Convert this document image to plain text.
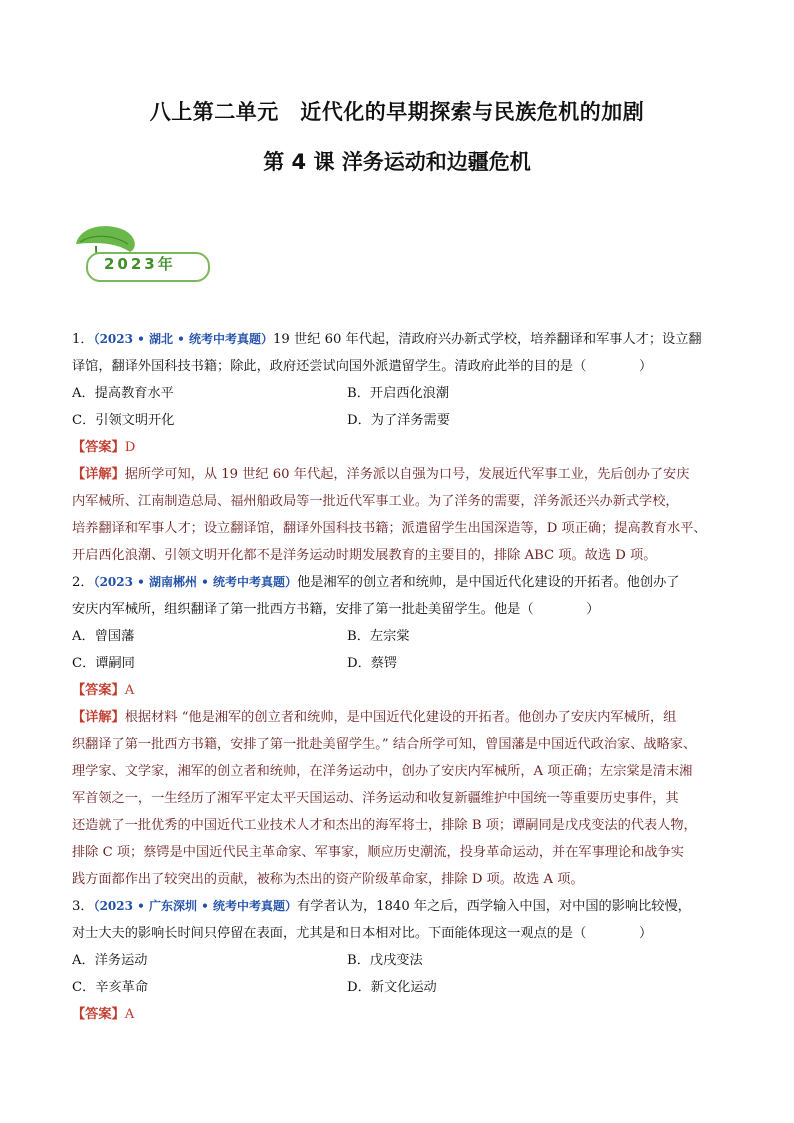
八上第二单元　近代化的早期探索与民族危机的加剧
第 4 课 洋务运动和边疆危机
2023年
1．（2023 • 湖北 • 统考中考真题）19 世纪 60 年代起，清政府兴办新式学校，培养翻译和军事人才；设立翻
译馆，翻译外国科技书籍；除此，政府还尝试向国外派遣留学生。清政府此举的目的是（　　　　）
A．提高教育水平	B．开启西化浪潮
C．引领文明开化	D．为了洋务需要
【答案】D
【详解】据所学可知，从 19 世纪 60 年代起，洋务派以自强为口号，发展近代军事工业，先后创办了安庆
内军械所、江南制造总局、福州船政局等一批近代军事工业。为了洋务的需要，洋务派还兴办新式学校，
培养翻译和军事人才；设立翻译馆，翻译外国科技书籍；派遣留学生出国深造等，D 项正确；提高教育水平、
开启西化浪潮、引领文明开化都不是洋务运动时期发展教育的主要目的，排除 ABC 项。故选 D 项。
2．（2023 • 湖南郴州 • 统考中考真题）他是湘军的创立者和统帅，是中国近代化建设的开拓者。他创办了
安庆内军械所，组织翻译了第一批西方书籍，安排了第一批赴美留学生。他是（　　　　）
A．曾国藩	B．左宗棠
C．谭嗣同	D．蔡锷
【答案】A
【详解】根据材料 “他是湘军的创立者和统帅，是中国近代化建设的开拓者。他创办了安庆内军械所，组
织翻译了第一批西方书籍，安排了第一批赴美留学生。” 结合所学可知，曾国藩是中国近代政治家、战略家、
理学家、文学家，湘军的创立者和统帅，在洋务运动中，创办了安庆内军械所，A 项正确；左宗棠是清末湘
军首领之一，一生经历了湘军平定太平天国运动、洋务运动和收复新疆维护中国统一等重要历史事件，其
还造就了一批优秀的中国近代工业技术人才和杰出的海军将士，排除 B 项；谭嗣同是戊戌变法的代表人物，
排除 C 项；蔡锷是中国近代民主革命家、军事家，顺应历史潮流，投身革命运动，并在军事理论和战争实
践方面都作出了较突出的贡献，被称为杰出的资产阶级革命家，排除 D 项。故选 A 项。
3．（2023 • 广东深圳 • 统考中考真题）有学者认为，1840 年之后，西学输入中国，对中国的影响比较慢，
对士大夫的影响长时间只停留在表面，尤其是和日本相对比。下面能体现这一观点的是（　　　　）
A．洋务运动	B．戊戌变法
C．辛亥革命	D．新文化运动
【答案】A
